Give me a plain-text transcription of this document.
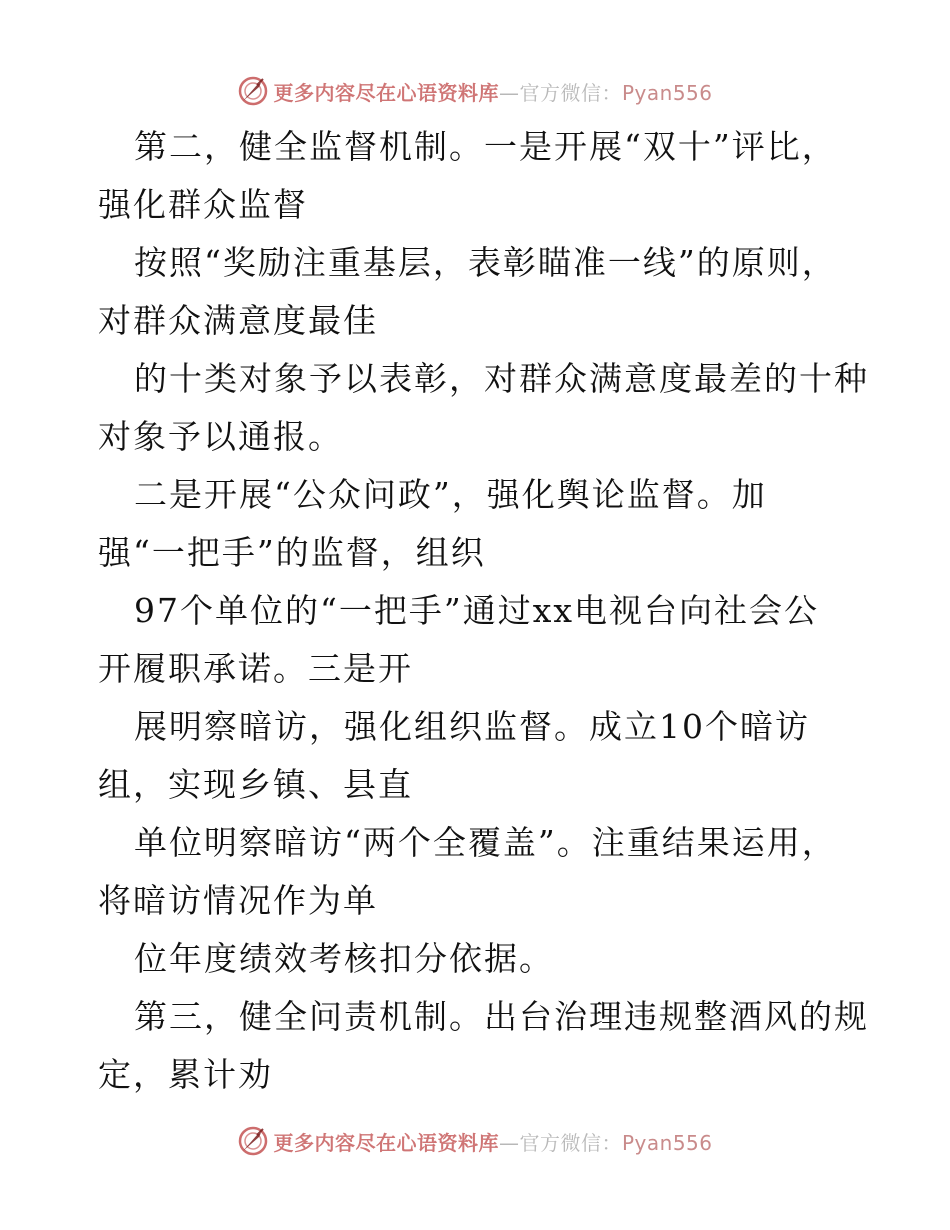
更多内容尽在心语资料库—官方微信：Pyan556
第二，健全监督机制。一是开展“双十”评比，
强化群众监督
按照“奖励注重基层，表彰瞄准一线”的原则，
对群众满意度最佳
的十类对象予以表彰，对群众满意度最差的十种
对象予以通报。
二是开展“公众问政”，强化舆论监督。加
强“一把手”的监督，组织
97个单位的“一把手”通过xx电视台向社会公
开履职承诺。三是开
展明察暗访，强化组织监督。成立10个暗访
组，实现乡镇、县直
单位明察暗访“两个全覆盖”。注重结果运用，
将暗访情况作为单
位年度绩效考核扣分依据。
第三，健全问责机制。出台治理违规整酒风的规
定，累计劝
更多内容尽在心语资料库—官方微信：Pyan556
